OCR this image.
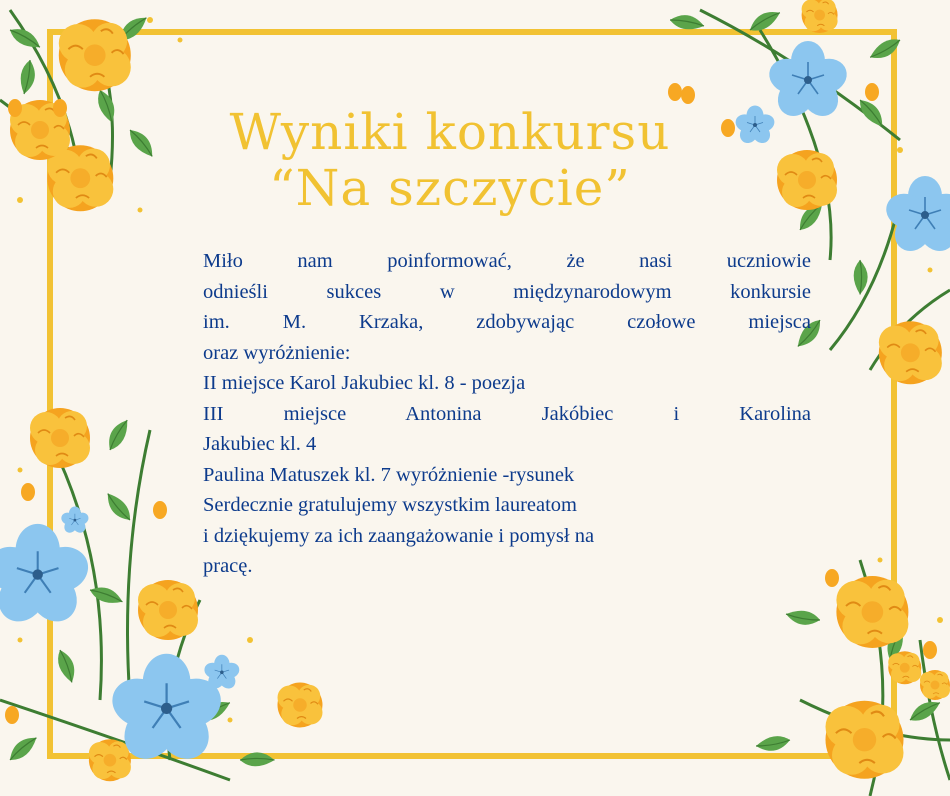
Wyniki konkursu
“Na szczycie”

Miło nam poinformować, że nasi uczniowie

odnieśli sukces w międzynarodowym konkursie

im. M. Krzaka, zdobywając czołowe miejsca

oraz wyróżnienie:

II miejsce Karol Jakubiec kl. 8 - poezja

III miejsce Antonina Jakóbiec i Karolina

Jakubiec kl. 4

Paulina Matuszek kl. 7 wyróżnienie -rysunek

Serdecznie gratulujemy wszystkim laureatom

i dziękujemy za ich zaangażowanie i pomysł na

pracę.
